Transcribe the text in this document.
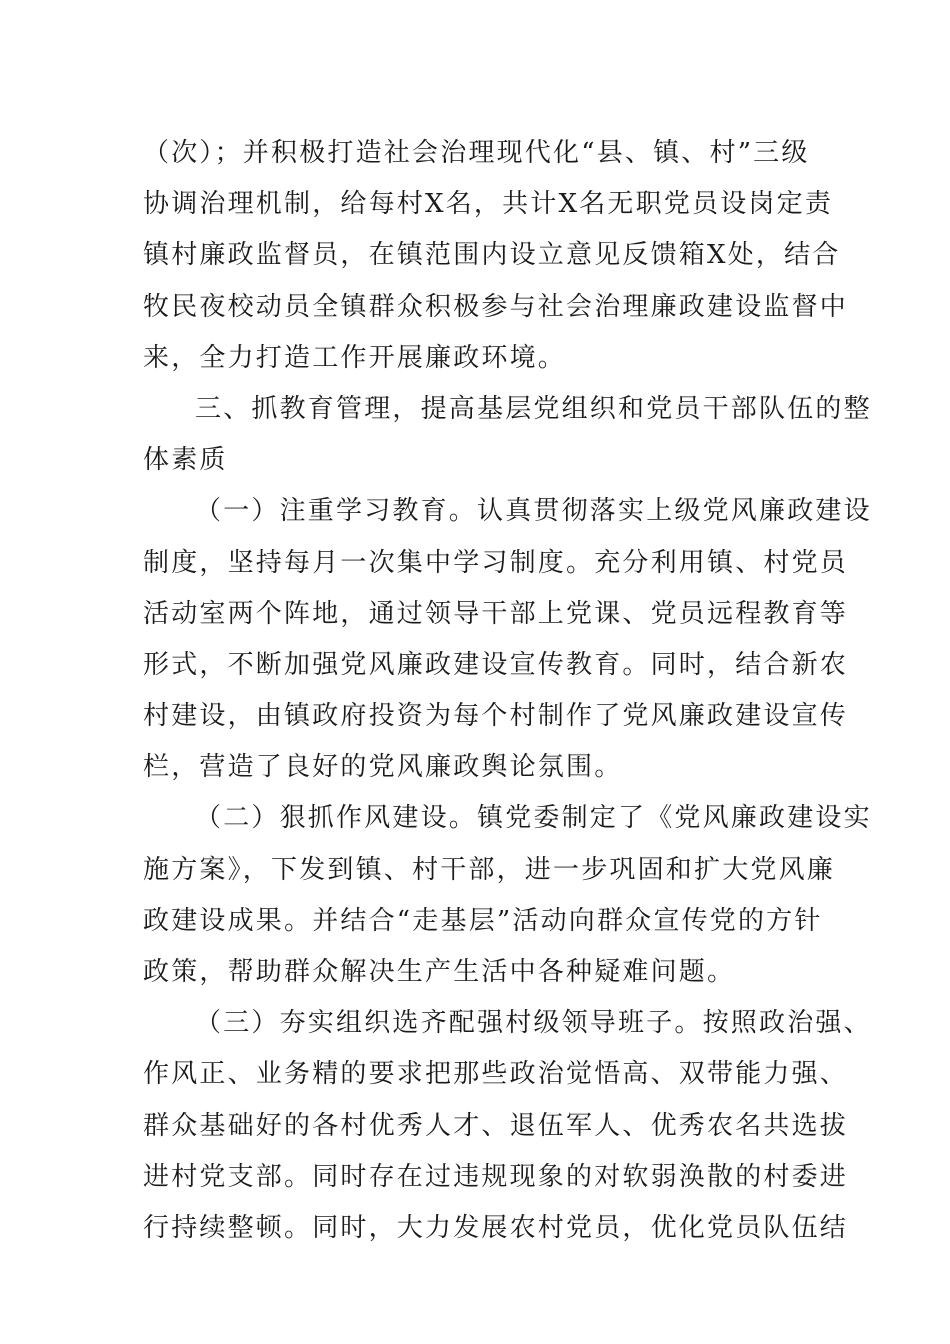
（次）；并积极打造社会治理现代化“县、镇、村”三级
协调治理机制，给每村X名，共计X名无职党员设岗定责
镇村廉政监督员，在镇范围内设立意见反馈箱X处，结合
牧民夜校动员全镇群众积极参与社会治理廉政建设监督中
来，全力打造工作开展廉政环境。
三、抓教育管理，提高基层党组织和党员干部队伍的整
体素质
（一）注重学习教育。认真贯彻落实上级党风廉政建设
制度，坚持每月一次集中学习制度。充分利用镇、村党员
活动室两个阵地，通过领导干部上党课、党员远程教育等
形式，不断加强党风廉政建设宣传教育。同时，结合新农
村建设，由镇政府投资为每个村制作了党风廉政建设宣传
栏，营造了良好的党风廉政舆论氛围。
（二）狠抓作风建设。镇党委制定了《党风廉政建设实
施方案》，下发到镇、村干部，进一步巩固和扩大党风廉
政建设成果。并结合“走基层”活动向群众宣传党的方针
政策，帮助群众解决生产生活中各种疑难问题。
（三）夯实组织选齐配强村级领导班子。按照政治强、
作风正、业务精的要求把那些政治觉悟高、双带能力强、
群众基础好的各村优秀人才、退伍军人、优秀农名共选拔
进村党支部。同时存在过违规现象的对软弱涣散的村委进
行持续整顿。同时，大力发展农村党员，优化党员队伍结
